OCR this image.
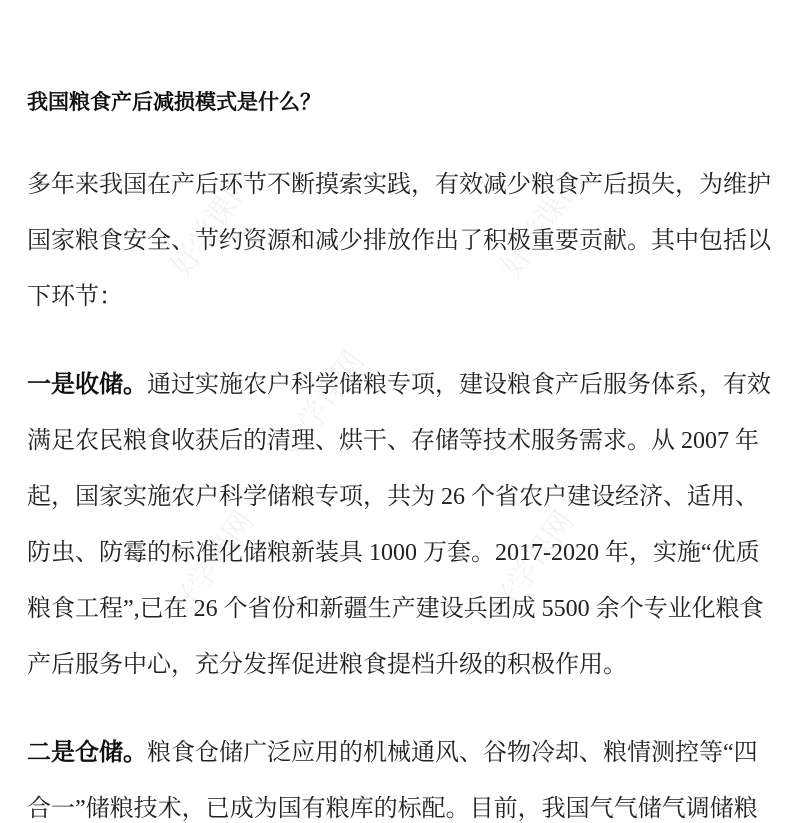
好学课网	好学课网
好学课网
好学课网	好学课网
我国粮食产后减损模式是什么？
多年来我国在产后环节不断摸索实践，有效减少粮食产后损失，为维护
国家粮食安全、节约资源和减少排放作出了积极重要贡献。其中包括以
下环节：
一是收储。通过实施农户科学储粮专项，建设粮食产后服务体系，有效
满足农民粮食收获后的清理、烘干、存储等技术服务需求。从 2007 年
起，国家实施农户科学储粮专项，共为 26 个省农户建设经济、适用、
防虫、防霉的标准化储粮新装具 1000 万套。2017-2020 年，实施“优质
粮食工程”,已在 26 个省份和新疆生产建设兵团成 5500 余个专业化粮食
产后服务中心，充分发挥促进粮食提档升级的积极作用。
二是仓储。粮食仓储广泛应用的机械通风、谷物冷却、粮情测控等“四
合一”储粮技术，已成为国有粮库的标配。目前，我国气气储气调储粮
